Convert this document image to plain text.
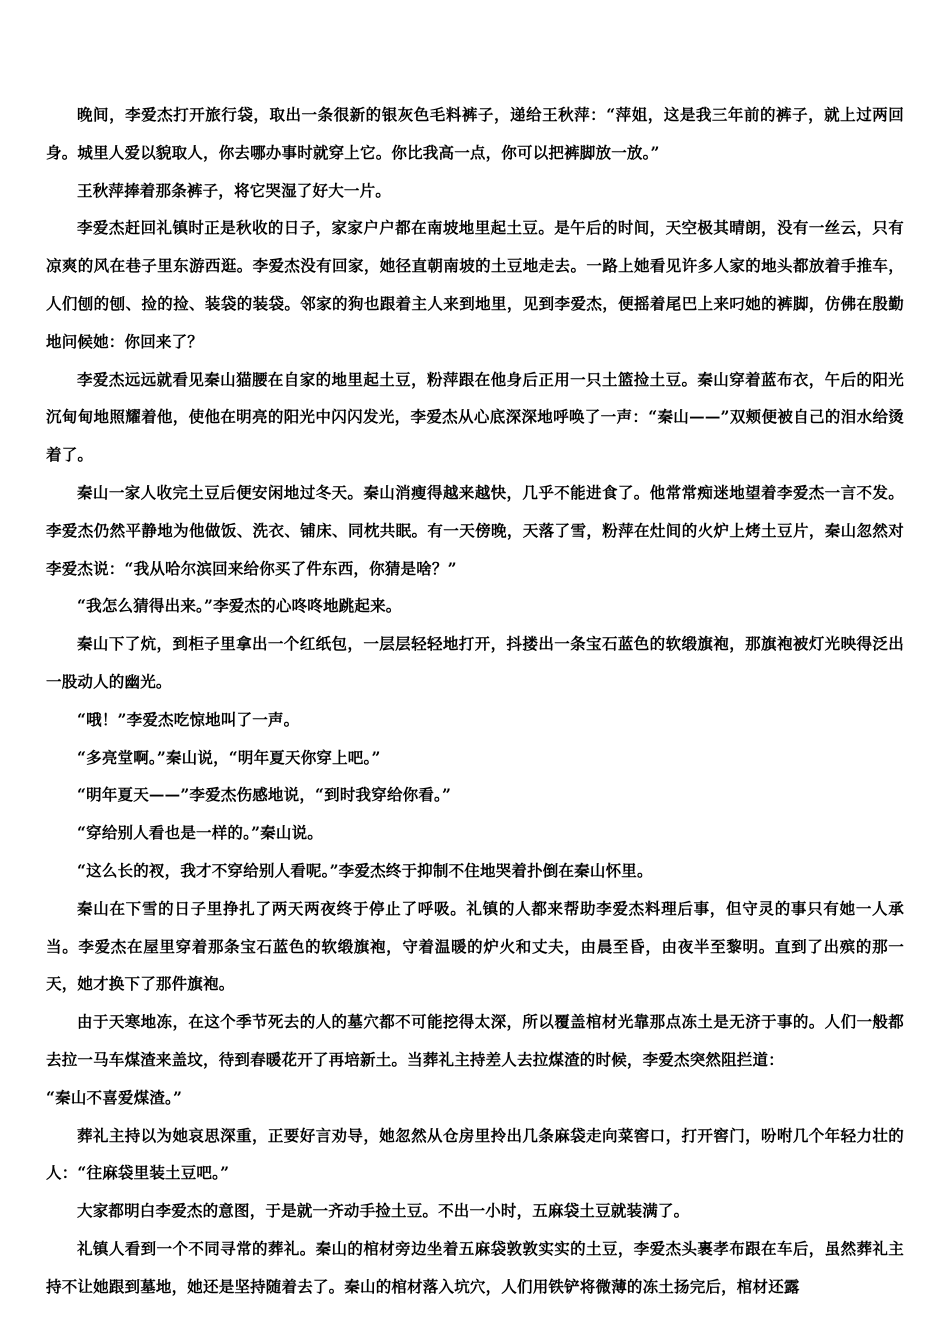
晚间，李爱杰打开旅行袋，取出一条很新的银灰色毛料裤子，递给王秋萍：“萍姐，这是我三年前的裤子，就上过两回身。城里人爱以貌取人，你去哪办事时就穿上它。你比我高一点，你可以把裤脚放一放。”

王秋萍捧着那条裤子，将它哭湿了好大一片。

李爱杰赶回礼镇时正是秋收的日子，家家户户都在南坡地里起土豆。是午后的时间，天空极其晴朗，没有一丝云，只有凉爽的风在巷子里东游西逛。李爱杰没有回家，她径直朝南坡的土豆地走去。一路上她看见许多人家的地头都放着手推车，人们刨的刨、捡的捡、装袋的装袋。邻家的狗也跟着主人来到地里，见到李爱杰，便摇着尾巴上来叼她的裤脚，仿佛在殷勤地问候她：你回来了？

李爱杰远远就看见秦山猫腰在自家的地里起土豆，粉萍跟在他身后正用一只土篮捡土豆。秦山穿着蓝布衣，午后的阳光沉甸甸地照耀着他，使他在明亮的阳光中闪闪发光，李爱杰从心底深深地呼唤了一声：“秦山——”双颊便被自己的泪水给烫着了。

秦山一家人收完土豆后便安闲地过冬天。秦山消瘦得越来越快，几乎不能进食了。他常常痴迷地望着李爱杰一言不发。李爱杰仍然平静地为他做饭、洗衣、铺床、同枕共眠。有一天傍晚，天落了雪，粉萍在灶间的火炉上烤土豆片，秦山忽然对李爱杰说：“我从哈尔滨回来给你买了件东西，你猜是啥？”

“我怎么猜得出来。”李爱杰的心咚咚地跳起来。

秦山下了炕，到柜子里拿出一个红纸包，一层层轻轻地打开，抖搂出一条宝石蓝色的软缎旗袍，那旗袍被灯光映得泛出一股动人的幽光。

“哦！”李爱杰吃惊地叫了一声。

“多亮堂啊。”秦山说，“明年夏天你穿上吧。”

“明年夏天——”李爱杰伤感地说，“到时我穿给你看。”

“穿给别人看也是一样的。”秦山说。

“这么长的衩，我才不穿给别人看呢。”李爱杰终于抑制不住地哭着扑倒在秦山怀里。

秦山在下雪的日子里挣扎了两天两夜终于停止了呼吸。礼镇的人都来帮助李爱杰料理后事，但守灵的事只有她一人承当。李爱杰在屋里穿着那条宝石蓝色的软缎旗袍，守着温暖的炉火和丈夫，由晨至昏，由夜半至黎明。直到了出殡的那一天，她才换下了那件旗袍。

由于天寒地冻，在这个季节死去的人的墓穴都不可能挖得太深，所以覆盖棺材光靠那点冻土是无济于事的。人们一般都去拉一马车煤渣来盖坟，待到春暖花开了再培新土。当葬礼主持差人去拉煤渣的时候，李爱杰突然阻拦道：

“秦山不喜爱煤渣。”

葬礼主持以为她哀思深重，正要好言劝导，她忽然从仓房里拎出几条麻袋走向菜窖口，打开窖门，吩咐几个年轻力壮的人：“往麻袋里装土豆吧。”

大家都明白李爱杰的意图，于是就一齐动手捡土豆。不出一小时，五麻袋土豆就装满了。

礼镇人看到一个不同寻常的葬礼。秦山的棺材旁边坐着五麻袋敦敦实实的土豆，李爱杰头裹孝布跟在车后，虽然葬礼主持不让她跟到墓地，她还是坚持随着去了。秦山的棺材落入坑穴，人们用铁铲将微薄的冻土扬完后，棺材还露
